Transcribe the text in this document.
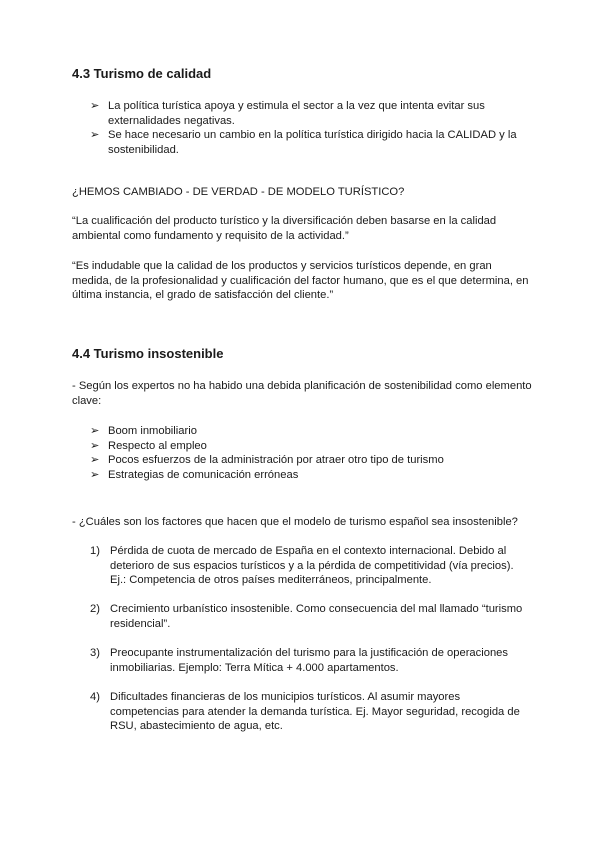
4.3 Turismo de calidad
➢ La política turística apoya y estimula el sector a la vez que intenta evitar sus externalidades negativas.
➢ Se hace necesario un cambio en la política turística dirigido hacia la CALIDAD y la sostenibilidad.

¿HEMOS CAMBIADO - DE VERDAD - DE MODELO TURÍSTICO?

“La cualificación del producto turístico y la diversificación deben basarse en la calidad ambiental como fundamento y requisito de la actividad.”

“Es indudable que la calidad de los productos y servicios turísticos depende, en gran medida, de la profesionalidad y cualificación del factor humano, que es el que determina, en última instancia, el grado de satisfacción del cliente.”

4.4 Turismo insostenible

- Según los expertos no ha habido una debida planificación de sostenibilidad como elemento clave:

➢ Boom inmobiliario
➢ Respecto al empleo
➢ Pocos esfuerzos de la administración por atraer otro tipo de turismo
➢ Estrategias de comunicación erróneas

- ¿Cuáles son los factores que hacen que el modelo de turismo español sea insostenible?

1) Pérdida de cuota de mercado de España en el contexto internacional. Debido al deterioro de sus espacios turísticos y a la pérdida de competitividad (vía precios). Ej.: Competencia de otros países mediterráneos, principalmente.
2) Crecimiento urbanístico insostenible. Como consecuencia del mal llamado “turismo residencial”.
3) Preocupante instrumentalización del turismo para la justificación de operaciones inmobiliarias. Ejemplo: Terra Mítica + 4.000 apartamentos.
4) Dificultades financieras de los municipios turísticos. Al asumir mayores competencias para atender la demanda turística. Ej. Mayor seguridad, recogida de RSU, abastecimiento de agua, etc.
